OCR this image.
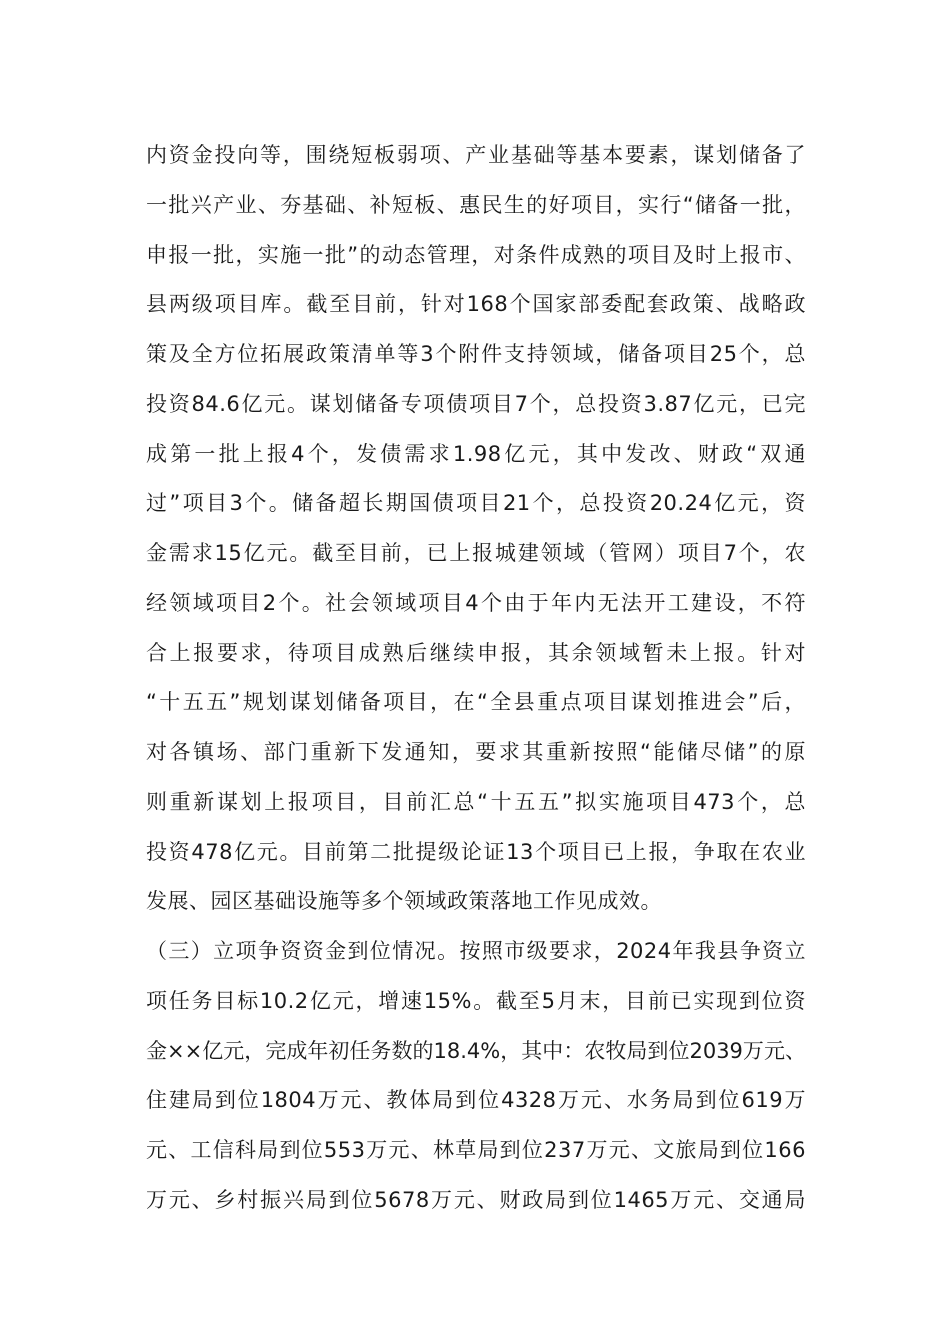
内资金投向等，围绕短板弱项、产业基础等基本要素，谋划储备了
一批兴产业、夯基础、补短板、惠民生的好项目，实行“储备一批，
申报一批，实施一批”的动态管理，对条件成熟的项目及时上报市、
县两级项目库。截至目前，针对168个国家部委配套政策、战略政
策及全方位拓展政策清单等3个附件支持领域，储备项目25个，总
投资84.6亿元。谋划储备专项债项目7个，总投资3.87亿元，已完
成第一批上报4个，发债需求1.98亿元，其中发改、财政“双通
过”项目3个。储备超长期国债项目21个，总投资20.24亿元，资
金需求15亿元。截至目前，已上报城建领域（管网）项目7个，农
经领域项目2个。社会领域项目4个由于年内无法开工建设，不符
合上报要求，待项目成熟后继续申报，其余领域暂未上报。针对
“十五五”规划谋划储备项目，在“全县重点项目谋划推进会”后，
对各镇场、部门重新下发通知，要求其重新按照“能储尽储”的原
则重新谋划上报项目，目前汇总“十五五”拟实施项目473个，总
投资478亿元。目前第二批提级论证13个项目已上报，争取在农业
发展、园区基础设施等多个领域政策落地工作见成效。
（三）立项争资资金到位情况。按照市级要求，2024年我县争资立
项任务目标10.2亿元，增速15%。截至5月末，目前已实现到位资
金××亿元，完成年初任务数的18.4%，其中：农牧局到位2039万元、
住建局到位1804万元、教体局到位4328万元、水务局到位619万
元、工信科局到位553万元、林草局到位237万元、文旅局到位166
万元、乡村振兴局到位5678万元、财政局到位1465万元、交通局
